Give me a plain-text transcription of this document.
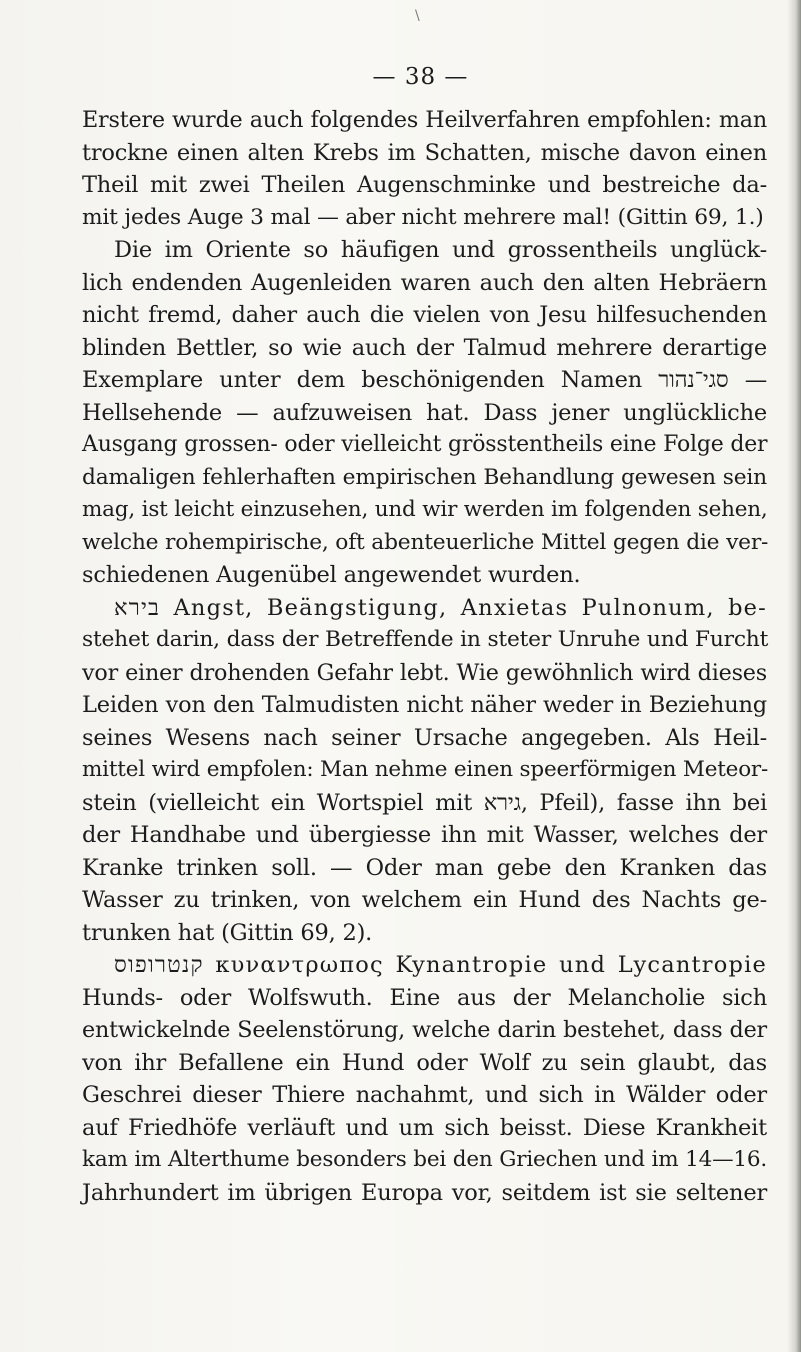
\
— 38 —
Erstere wurde auch folgendes Heilverfahren empfohlen: man
trockne einen alten Krebs im Schatten, mische davon einen
Theil mit zwei Theilen Augenschminke und bestreiche da-
mit jedes Auge 3 mal — aber nicht mehrere mal! (Gittin 69, 1.)
Die im Oriente so häufigen und grossentheils unglück-
lich endenden Augenleiden waren auch den alten Hebräern
nicht fremd, daher auch die vielen von Jesu hilfesuchenden
blinden Bettler, so wie auch der Talmud mehrere derartige
Exemplare unter dem beschönigenden Namen סגי־נהור —
Hellsehende — aufzuweisen hat. Dass jener unglückliche
Ausgang grossen- oder vielleicht grösstentheils eine Folge der
damaligen fehlerhaften empirischen Behandlung gewesen sein
mag, ist leicht einzusehen, und wir werden im folgenden sehen,
welche rohempirische, oft abenteuerliche Mittel gegen die ver-
schiedenen Augenübel angewendet wurden.
בירא Angst, Beängstigung, Anxietas Pulnonum, be-
stehet darin, dass der Betreffende in steter Unruhe und Furcht
vor einer drohenden Gefahr lebt. Wie gewöhnlich wird dieses
Leiden von den Talmudisten nicht näher weder in Beziehung
seines Wesens nach seiner Ursache angegeben. Als Heil-
mittel wird empfolen: Man nehme einen speerförmigen Meteor-
stein (vielleicht ein Wortspiel mit גירא, Pfeil), fasse ihn bei
der Handhabe und übergiesse ihn mit Wasser, welches der
Kranke trinken soll. — Oder man gebe den Kranken das
Wasser zu trinken, von welchem ein Hund des Nachts ge-
trunken hat (Gittin 69, 2).
קנטרופוס κυναντρωπος Kynantropie und Lycantropie
Hunds- oder Wolfswuth. Eine aus der Melancholie sich
entwickelnde Seelenstörung, welche darin bestehet, dass der
von ihr Befallene ein Hund oder Wolf zu sein glaubt, das
Geschrei dieser Thiere nachahmt, und sich in Wälder oder
auf Friedhöfe verläuft und um sich beisst. Diese Krankheit
kam im Alterthume besonders bei den Griechen und im 14—16.
Jahrhundert im übrigen Europa vor, seitdem ist sie seltener
